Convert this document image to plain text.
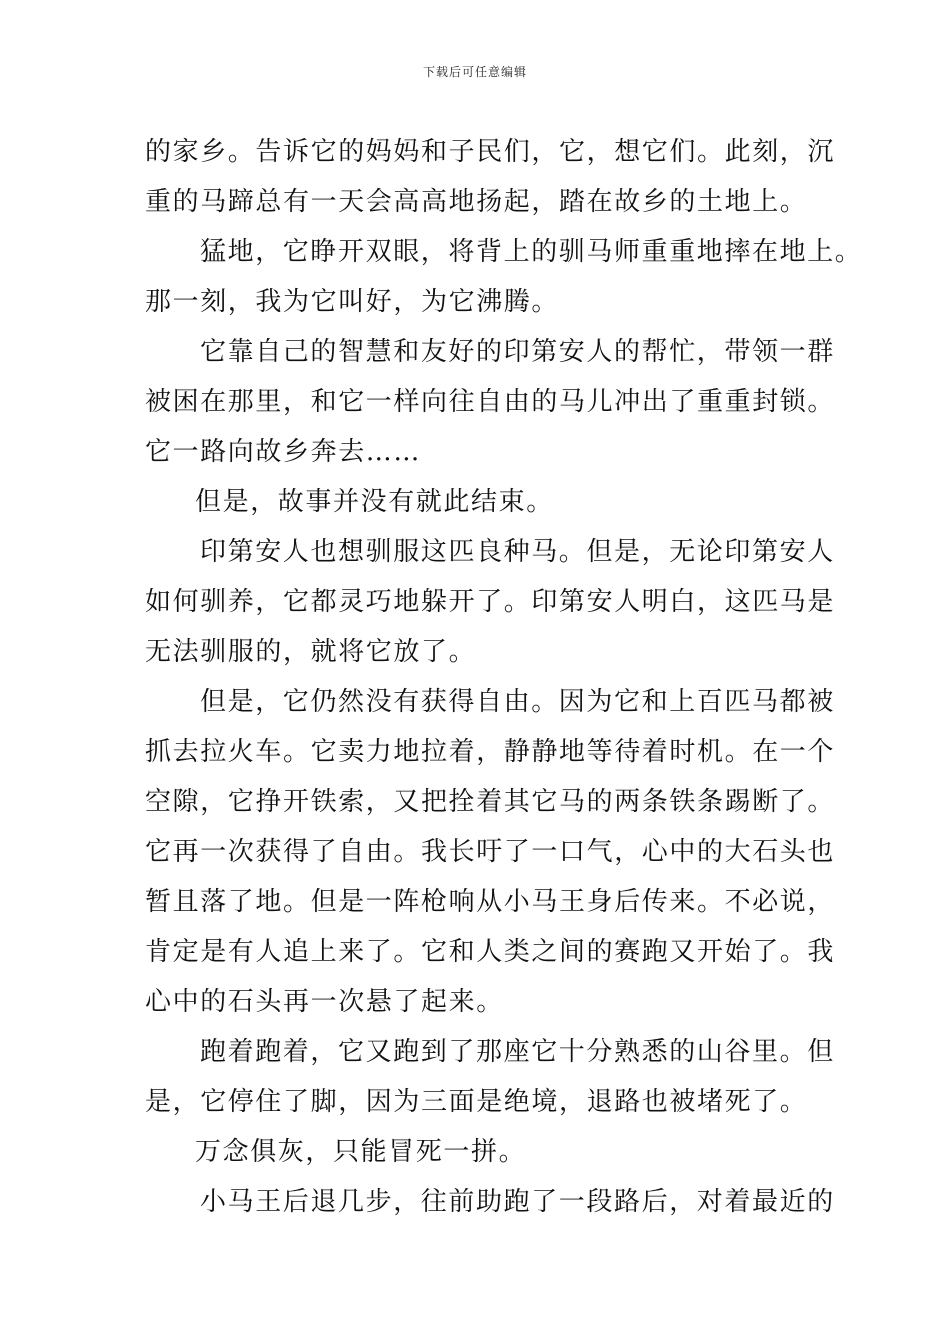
下载后可任意编辑

的家乡。告诉它的妈妈和子民们，它，想它们。此刻，沉
重的马蹄总有一天会高高地扬起，踏在故乡的土地上。

猛地，它睁开双眼，将背上的驯马师重重地摔在地上。
那一刻，我为它叫好，为它沸腾。

它靠自己的智慧和友好的印第安人的帮忙，带领一群
被困在那里，和它一样向往自由的马儿冲出了重重封锁。
它一路向故乡奔去……

但是，故事并没有就此结束。

印第安人也想驯服这匹良种马。但是，无论印第安人
如何驯养，它都灵巧地躲开了。印第安人明白，这匹马是
无法驯服的，就将它放了。

但是，它仍然没有获得自由。因为它和上百匹马都被
抓去拉火车。它卖力地拉着，静静地等待着时机。在一个
空隙，它挣开铁索，又把拴着其它马的两条铁条踢断了。
它再一次获得了自由。我长吁了一口气，心中的大石头也
暂且落了地。但是一阵枪响从小马王身后传来。不必说，
肯定是有人追上来了。它和人类之间的赛跑又开始了。我
心中的石头再一次悬了起来。

跑着跑着，它又跑到了那座它十分熟悉的山谷里。但
是，它停住了脚，因为三面是绝境，退路也被堵死了。

万念俱灰，只能冒死一拼。

小马王后退几步，往前助跑了一段路后，对着最近的
